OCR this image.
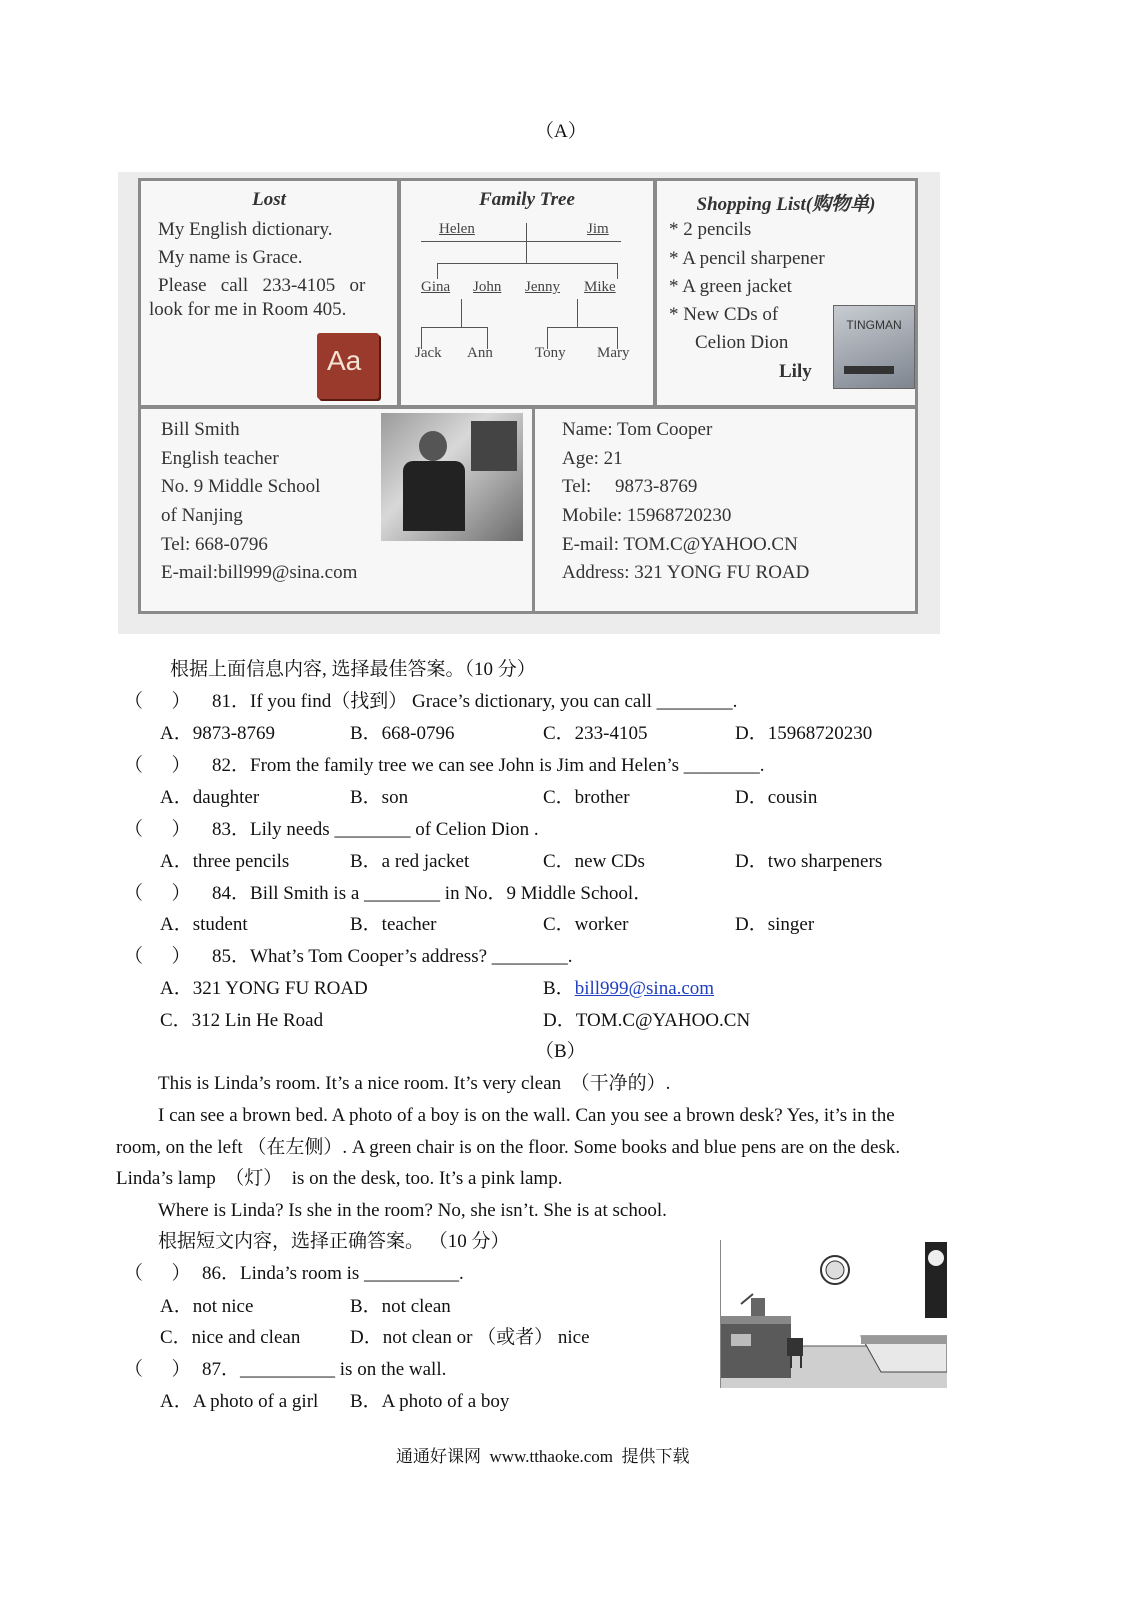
（A）
Lost
My English dictionary.
My name is Grace.
Please   call   233-4105   or
look for me in Room 405.
Aa
Family Tree
Helen	Jim
Gina John Jenny Mike
Jack Ann	Tony Mary
Shopping List(购物单)
* 2 pencils
* A pencil sharpener
* A green jacket
* New CDs of
Celion Dion
Lily
TINGMAN
Bill Smith
English teacher
No. 9 Middle School
of Nanjing
Tel: 668-0796
E-mail:bill999@sina.com
Name: Tom Cooper
Age: 21
Tel:     9873-8769
Mobile: 15968720230
E-mail: TOM.C@YAHOO.CN
Address: 321 YONG FU ROAD
根据上面信息内容, 选择最佳答案。（10 分）
（      ） 81．If you find（找到） Grace’s dictionary, you can call ________.
A．9873-8769	B．668-0796	C．233-4105	D．15968720230
（      ） 82．From the family tree we can see John is Jim and Helen’s ________.
A．daughter	B．son	C．brother	D．cousin
（      ） 83．Lily needs ________ of Celion Dion .
A．three pencils	B．a red jacket	C．new CDs	D．two sharpeners
（      ） 84．Bill Smith is a ________ in No．9 Middle School．
A．student	B．teacher	C．worker	D．singer
（      ） 85．What’s Tom Cooper’s address? ________.
A．321 YONG FU ROAD	B．bill999@sina.com
C．312 Lin He Road	D．TOM.C@YAHOO.CN
（B）
This is Linda’s room. It’s a nice room. It’s very clean  （干净的）.
I can see a brown bed. A photo of a boy is on the wall. Can you see a brown desk? Yes, it’s in the
room, on the left （在左侧）. A green chair is on the floor. Some books and blue pens are on the desk.
Linda’s lamp  （灯）  is on the desk, too. It’s a pink lamp.
Where is Linda? Is she in the room? No, she isn’t. She is at school.
根据短文内容，选择正确答案。 （10 分）
（      ） 86．Linda’s room is __________.
A．not nice	B．not clean
C．nice and clean	D．not clean or （或者） nice
（      ） 87．__________ is on the wall.
A．A photo of a girl B．A photo of a boy
通通好课网  www.tthaoke.com  提供下载
